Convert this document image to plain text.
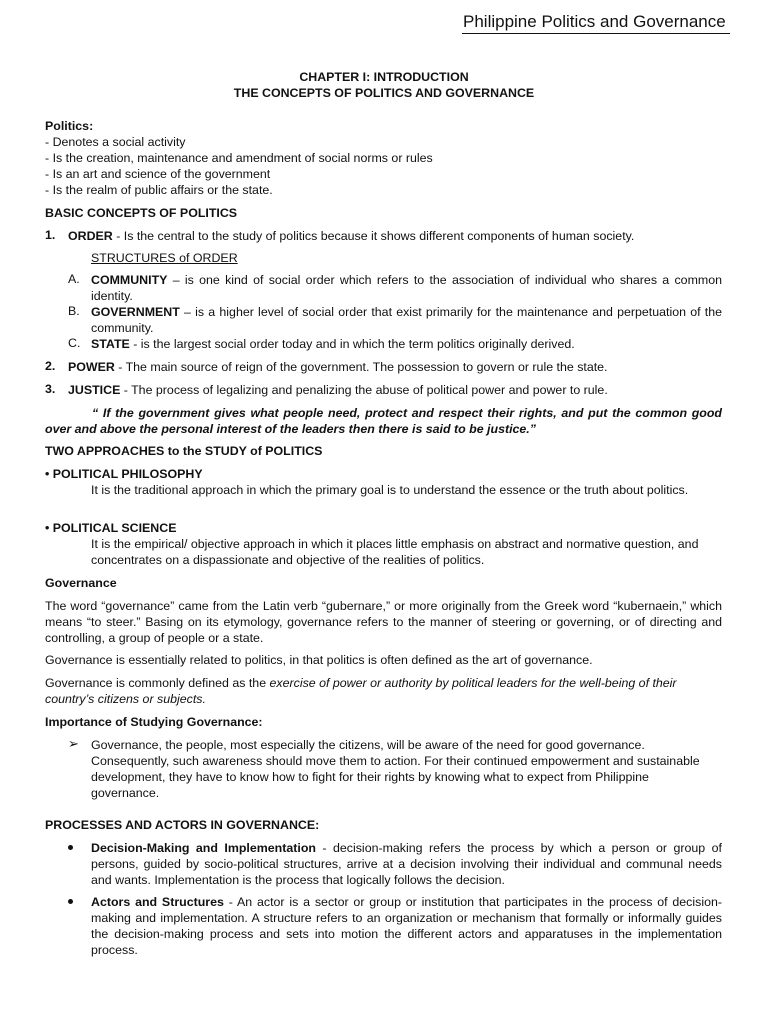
Philippine Politics and Governance
CHAPTER I: INTRODUCTION
THE CONCEPTS OF POLITICS AND GOVERNANCE
Politics:
- Denotes a social activity
- Is the creation, maintenance and amendment of social norms or rules
- Is an art and science of the government
- Is the realm of public affairs or the state.
BASIC CONCEPTS OF POLITICS
1. ORDER - Is the central to the study of politics because it shows different components of human society.
STRUCTURES of ORDER
A. COMMUNITY – is one kind of social order which refers to the association of individual who shares a common identity.
B. GOVERNMENT – is a higher level of social order that exist primarily for the maintenance and perpetuation of the community.
C. STATE - is the largest social order today and in which the term politics originally derived.
2. POWER - The main source of reign of the government. The possession to govern or rule the state.
3. JUSTICE - The process of legalizing and penalizing the abuse of political power and power to rule.
“ If the government gives what people need, protect and respect their rights, and put the common good over and above the personal interest of the leaders then there is said to be justice.”
TWO APPROACHES to the STUDY of POLITICS
• POLITICAL PHILOSOPHY
It is the traditional approach in which the primary goal is to understand the essence or the truth about politics.
• POLITICAL SCIENCE
It is the empirical/ objective approach in which it places little emphasis on abstract and normative question, and concentrates on a dispassionate and objective of the realities of politics.
Governance
The word “governance” came from the Latin verb “gubernare,” or more originally from the Greek word “kubernaein,” which means “to steer.” Basing on its etymology, governance refers to the manner of steering or governing, or of directing and controlling, a group of people or a state.
Governance is essentially related to politics, in that politics is often defined as the art of governance.
Governance is commonly defined as the exercise of power or authority by political leaders for the well-being of their country’s citizens or subjects.
Importance of Studying Governance:
➢ Governance, the people, most especially the citizens, will be aware of the need for good governance. Consequently, such awareness should move them to action. For their continued empowerment and sustainable development, they have to know how to fight for their rights by knowing what to expect from Philippine governance.
PROCESSES AND ACTORS IN GOVERNANCE:
Decision-Making and Implementation - decision-making refers the process by which a person or group of persons, guided by socio-political structures, arrive at a decision involving their individual and communal needs and wants. Implementation is the process that logically follows the decision.
Actors and Structures - An actor is a sector or group or institution that participates in the process of decision-making and implementation. A structure refers to an organization or mechanism that formally or informally guides the decision-making process and sets into motion the different actors and apparatuses in the implementation process.
